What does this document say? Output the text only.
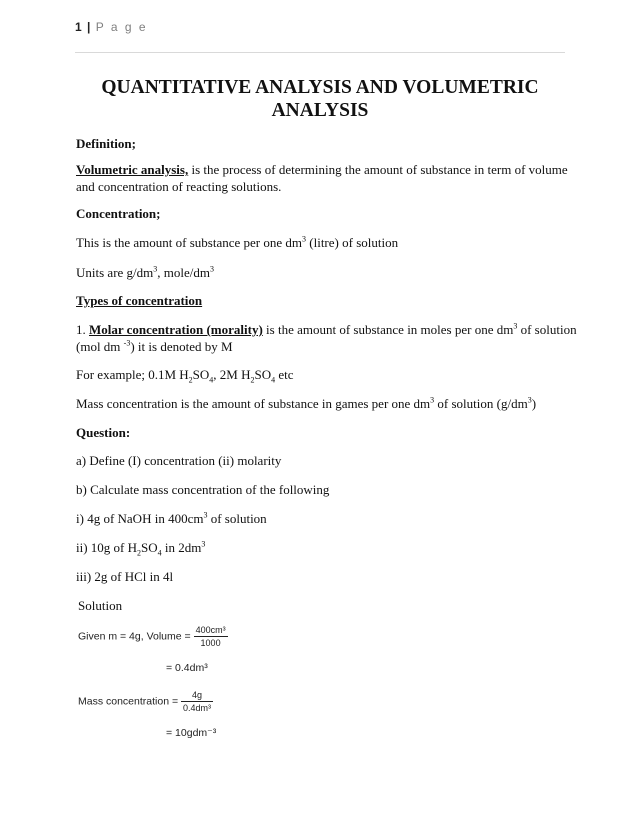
1 | P a g e
QUANTITATIVE ANALYSIS AND VOLUMETRIC
ANALYSIS

Definition;

Volumetric analysis, is the process of determining the amount of substance in term of volume

and concentration of reacting solutions.

Concentration;

This is the amount of substance per one $dm^3$ (litre) of solution

Units are $g/dm^3$, mole/$dm^3$

Types of concentration

1. Molar concentration (morality) is the amount of substance in moles per one $dm^3$ of solution

(mol dm $^{-3}$) it is denoted by M

For example; 0.1M $H_2SO_4$, 2M $H_2SO_4$ etc

Mass concentration is the amount of substance in games per one $dm^3$ of solution $(g/dm^3)$

Question:

a) Define (I) concentration (ii) molarity

b) Calculate mass concentration of the following

i) 4g of NaOH in $400cm^3$ of solution

ii) 10g of $H_2SO_4$ in $2dm^3$

iii) 2g of HCl in 4l

Solution

Given m = 4g, Volume = $\frac{\text{400cm³}}{1000}$
= 0.4dm³
Mass concentration = $\frac{4g}{\text{0.4dm³}}$
= 10gdm⁻³
